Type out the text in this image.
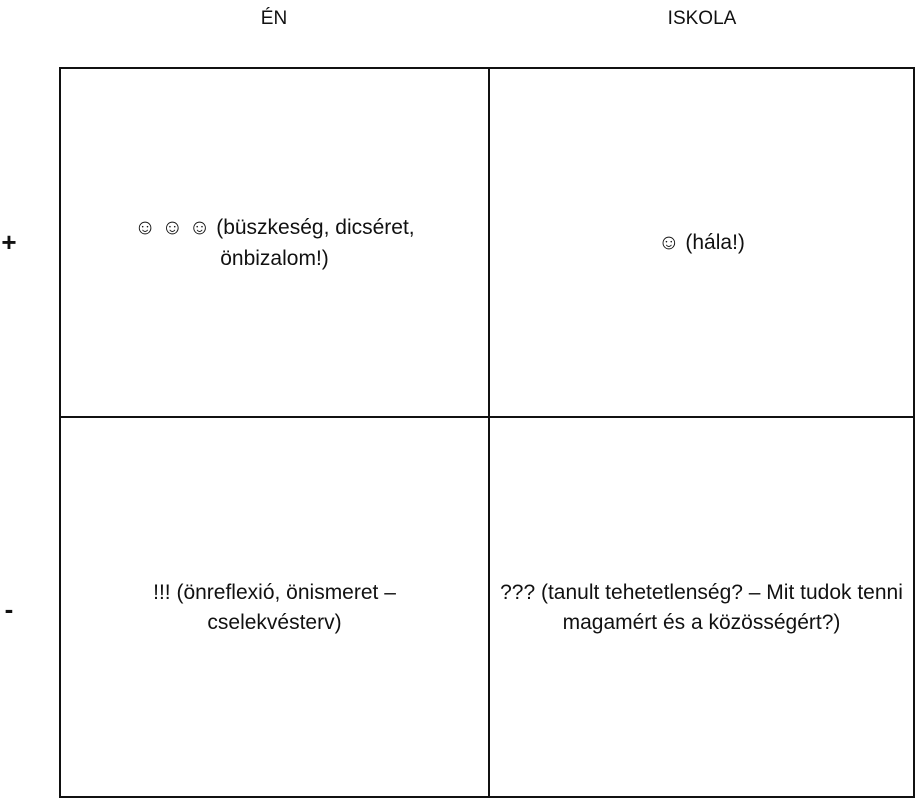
ÉN	ISKOLA
+
-
☺ ☺ ☺ (büszkeség, dicséret, önbizalom!)
☺ (hála!)
!!! (önreflexió, önismeret – cselekvésterv)
??? (tanult tehetetlenség? – Mit tudok tenni magamért és a közösségért?)
